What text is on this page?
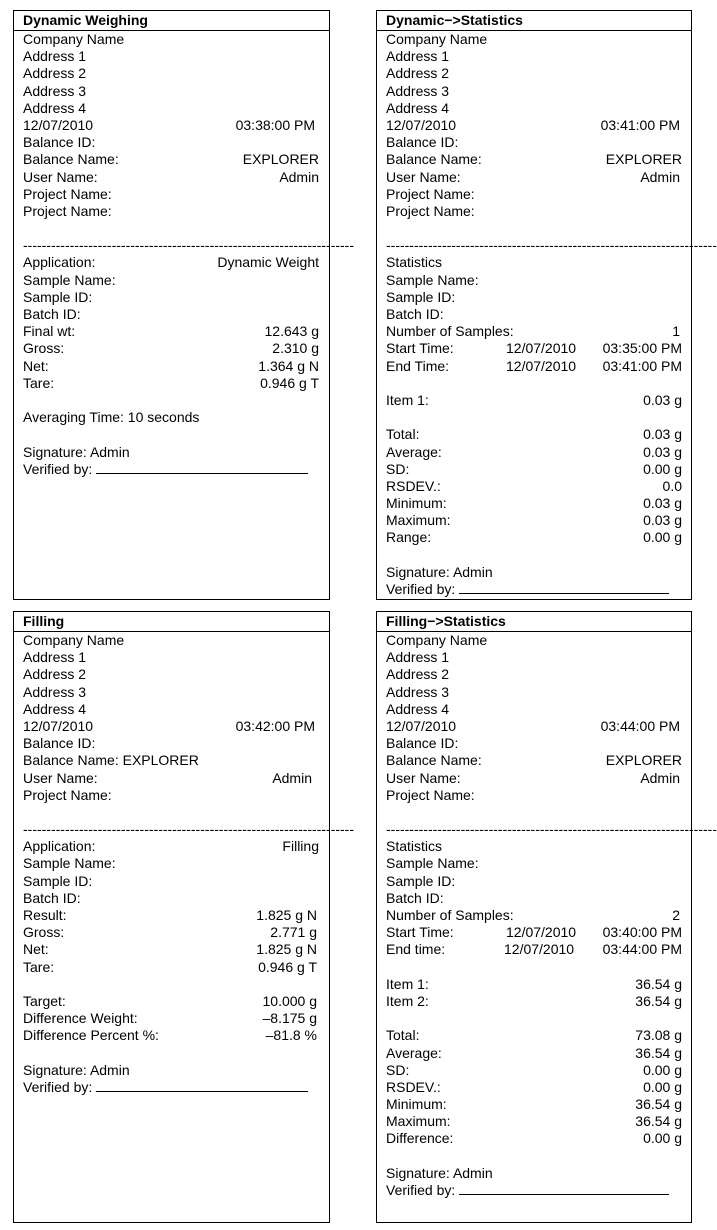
Dynamic Weighing
Company Name
Address 1
Address 2
Address 3
Address 4
12/07/2010	03:38:00 PM
Balance ID:
Balance Name:	EXPLORER
User Name:	Admin
Project Name:
Project Name:
-----------------------------------------------------------------------
Application:	Dynamic Weight
Sample Name:
Sample ID:
Batch ID:
Final wt:	12.643 g
Gross:	2.310 g
Net:	1.364 g N
Tare:	0.946 g T
Averaging Time: 10 seconds
Signature: Admin
Verified by:
Dynamic−>Statistics
Company Name
Address 1
Address 2
Address 3
Address 4
12/07/2010	03:41:00 PM
Balance ID:
Balance Name:	EXPLORER
User Name:	Admin
Project Name:
Project Name:
-----------------------------------------------------------------------
Statistics
Sample Name:
Sample ID:
Batch ID:
Number of Samples:	1
Start Time:	12/07/2010 03:35:00 PM
End Time:	12/07/2010 03:41:00 PM
Item 1:	0.03 g
Total:	0.03 g
Average:	0.03 g
SD:	0.00 g
RSDEV.:	0.0
Minimum:	0.03 g
Maximum:	0.03 g
Range:	0.00 g
Signature: Admin
Verified by:
Filling
Company Name
Address 1
Address 2
Address 3
Address 4
12/07/2010	03:42:00 PM
Balance ID:
Balance Name: EXPLORER
User Name:	Admin
Project Name:
-----------------------------------------------------------------------
Application:	Filling
Sample Name:
Sample ID:
Batch ID:
Result:	1.825 g N
Gross:	2.771 g
Net:	1.825 g N
Tare:	0.946 g T
Target:	10.000 g
Difference Weight:	–8.175 g
Difference Percent %:	–81.8 %
Signature: Admin
Verified by:
Filling−>Statistics
Company Name
Address 1
Address 2
Address 3
Address 4
12/07/2010	03:44:00 PM
Balance ID:
Balance Name:	EXPLORER
User Name:	Admin
Project Name:
-----------------------------------------------------------------------
Statistics
Sample Name:
Sample ID:
Batch ID:
Number of Samples:	2
Start Time:	12/07/2010 03:40:00 PM
End time:	12/07/2010 03:44:00 PM
Item 1:	36.54 g
Item 2:	36.54 g
Total:	73.08 g
Average:	36.54 g
SD:	0.00 g
RSDEV.:	0.00 g
Minimum:	36.54 g
Maximum:	36.54 g
Difference:	0.00 g
Signature: Admin
Verified by:
